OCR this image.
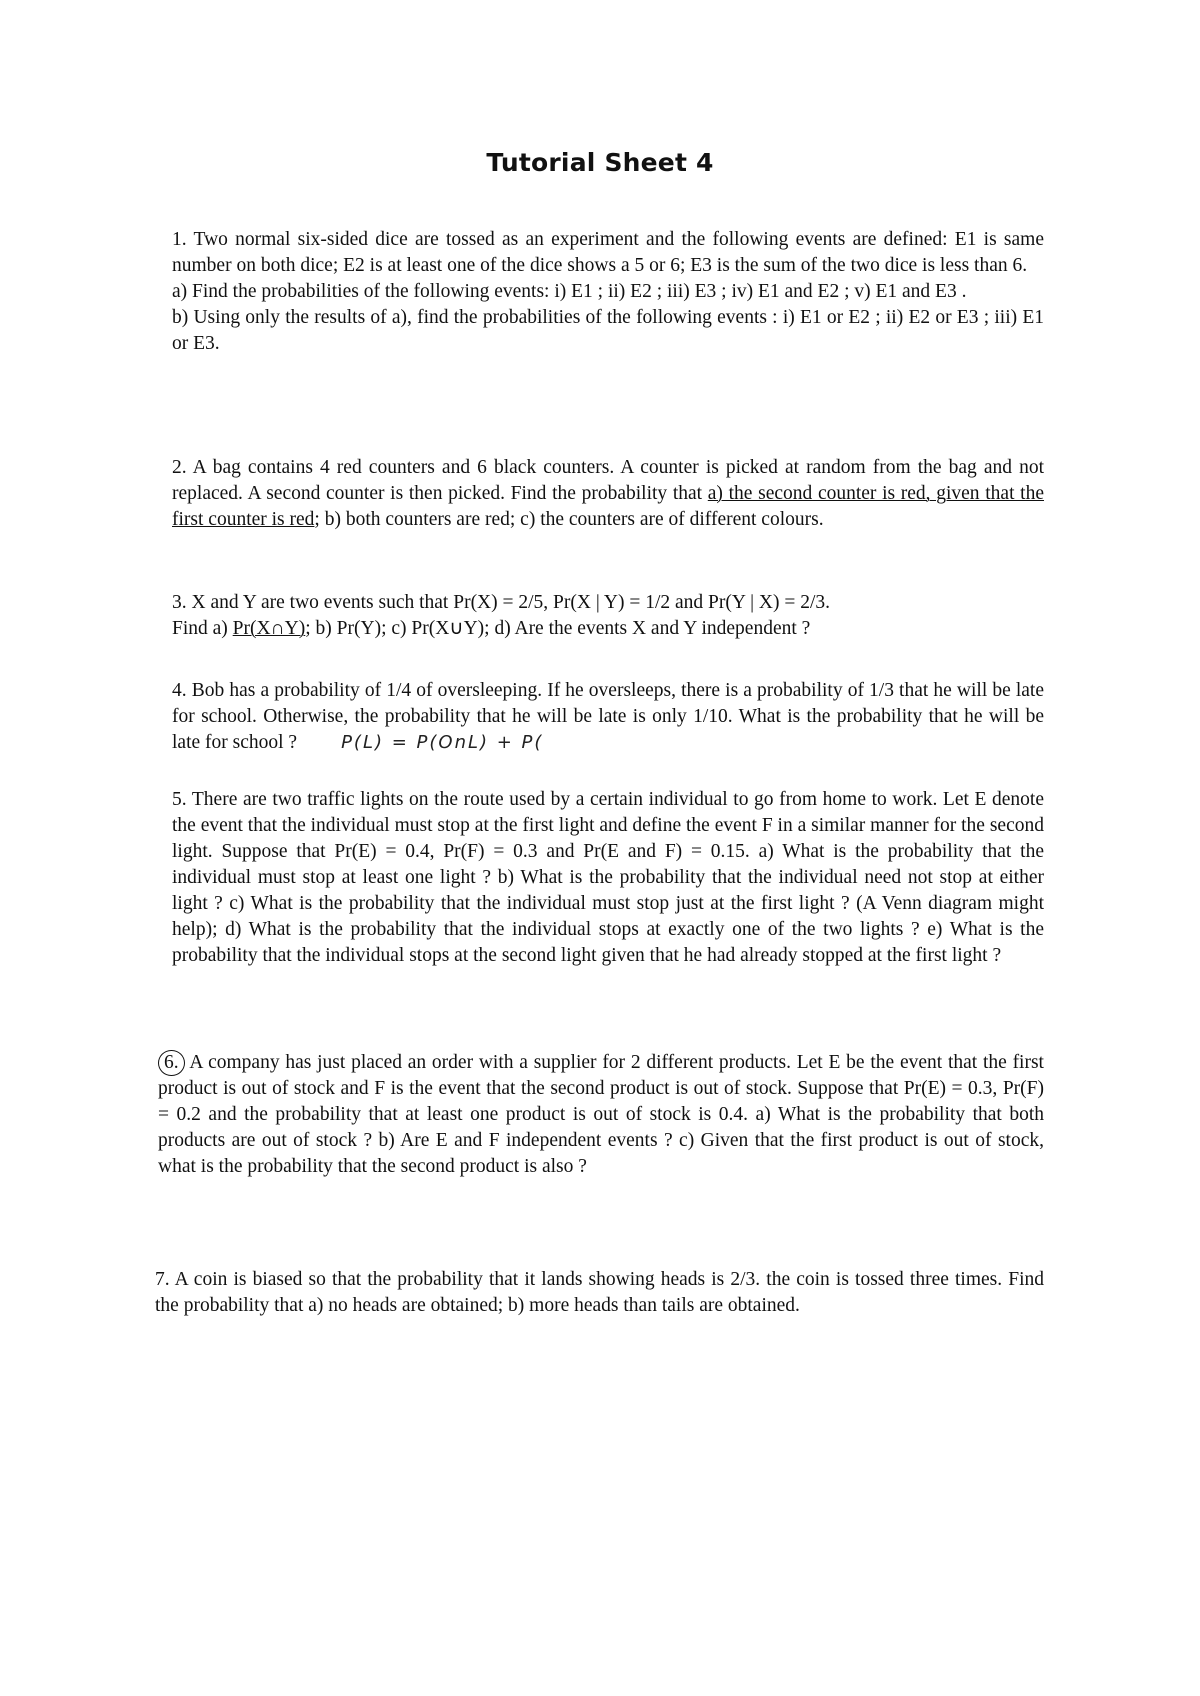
Tutorial Sheet 4

1. Two normal six-sided dice are tossed as an experiment and the following events are defined: E1 is same number on both dice; E2 is at least one of the dice shows a 5 or 6; E3 is the sum of the two dice is less than 6.

a) Find the probabilities of the following events: i) E1 ; ii) E2 ; iii) E3 ; iv) E1 and E2 ; v) E1 and E3 .

b) Using only the results of a), find the probabilities of the following events : i) E1 or E2 ; ii) E2 or E3 ; iii) E1 or E3.

2. A bag contains 4 red counters and 6 black counters. A counter is picked at random from the bag and not replaced. A second counter is then picked. Find the probability that a) the second counter is red, given that the first counter is red; b) both counters are red; c) the counters are of different colours.

3. X and Y are two events such that Pr(X) = 2/5, Pr(X | Y) = 1/2 and Pr(Y | X) = 2/3.

Find a) Pr(X∩Y); b) Pr(Y); c) Pr(X∪Y); d) Are the events X and Y independent ?

4. Bob has a probability of 1/4 of oversleeping. If he oversleeps, there is a probability of 1/3 that he will be late for school. Otherwise, the probability that he will be late is only 1/10. What is the probability that he will be late for school ? P(L) = P(OnL) + P(

5. There are two traffic lights on the route used by a certain individual to go from home to work. Let E denote the event that the individual must stop at the first light and define the event F in a similar manner for the second light. Suppose that Pr(E) = 0.4, Pr(F) = 0.3 and Pr(E and F) = 0.15. a) What is the probability that the individual must stop at least one light ? b) What is the probability that the individual need not stop at either light ? c) What is the probability that the individual must stop just at the first light ? (A Venn diagram might help); d) What is the probability that the individual stops at exactly one of the two lights ? e) What is the probability that the individual stops at the second light given that he had already stopped at the first light ?

6. A company has just placed an order with a supplier for 2 different products. Let E be the event that the first product is out of stock and F is the event that the second product is out of stock. Suppose that Pr(E) = 0.3, Pr(F) = 0.2 and the probability that at least one product is out of stock is 0.4. a) What is the probability that both products are out of stock ? b) Are E and F independent events ? c) Given that the first product is out of stock, what is the probability that the second product is also ?

7. A coin is biased so that the probability that it lands showing heads is 2/3. the coin is tossed three times. Find the probability that a) no heads are obtained; b) more heads than tails are obtained.
